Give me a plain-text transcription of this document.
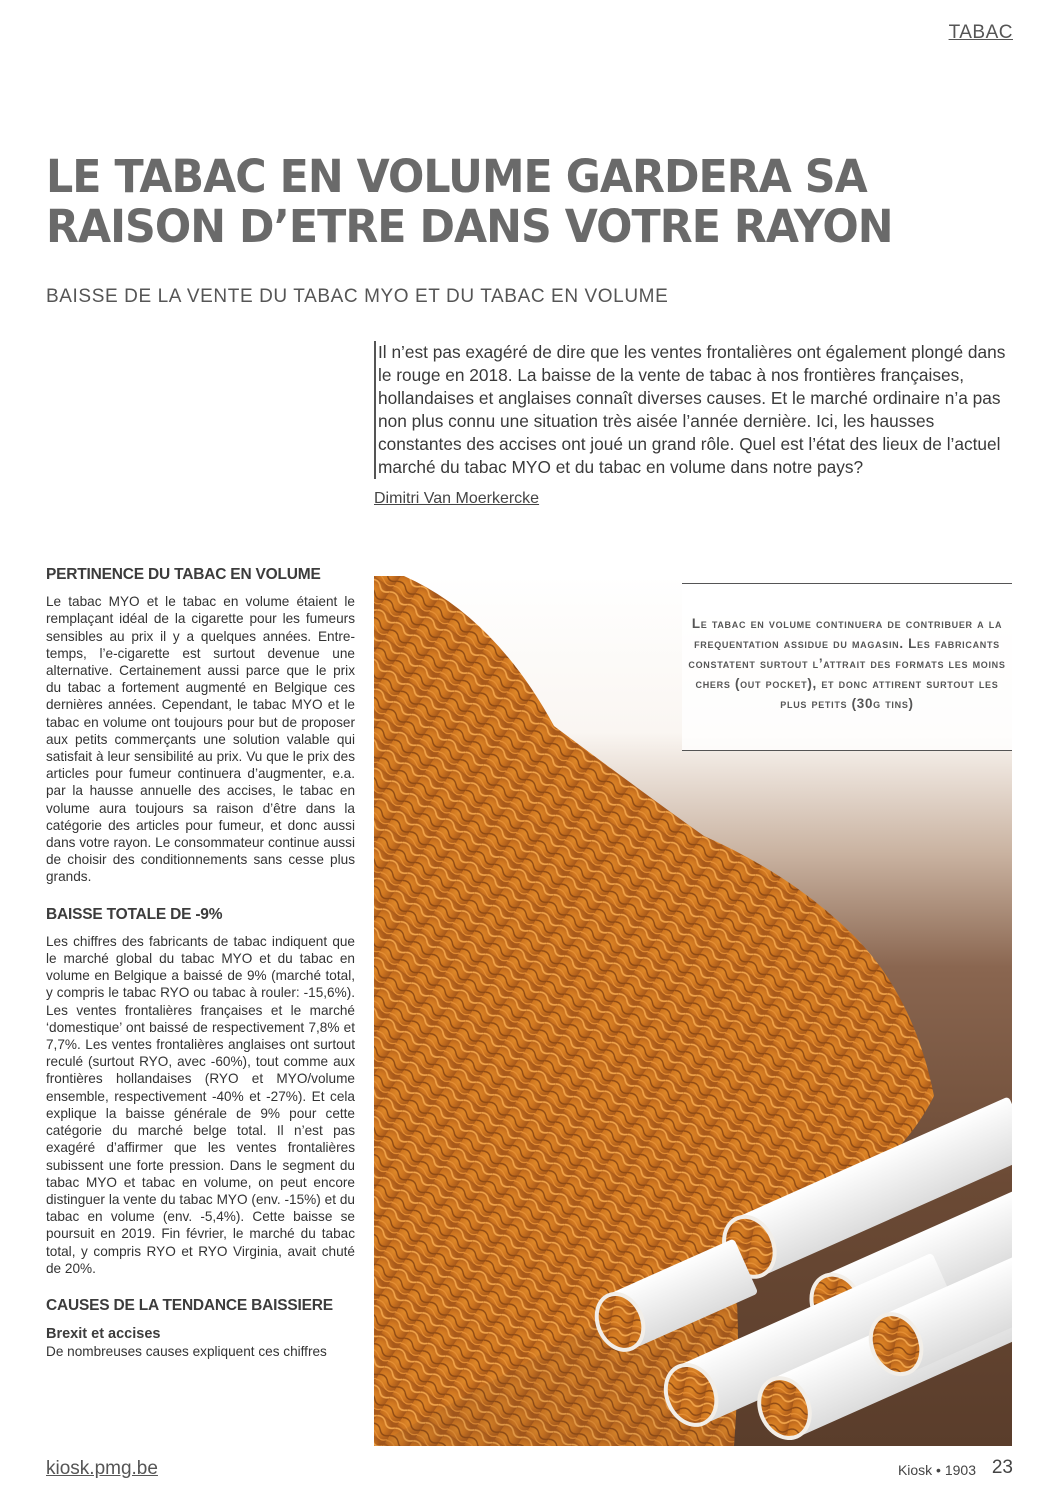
TABAC
LE TABAC EN VOLUME GARDERA SA RAISON D’ETRE DANS VOTRE RAYON
BAISSE DE LA VENTE DU TABAC MYO ET DU TABAC EN VOLUME

Il n’est pas exagéré de dire que les ventes frontalières ont également plongé dans le rouge en 2018. La baisse de la vente de tabac à nos frontières françaises, hollandaises et anglaises connaît diverses causes. Et le marché ordinaire n’a pas non plus connu une situation très aisée l’année dernière. Ici, les hausses constantes des accises ont joué un grand rôle. Quel est l’état des lieux de l’actuel marché du tabac MYO et du tabac en volume dans notre pays?

Dimitri Van Moerkercke
PERTINENCE DU TABAC EN VOLUME

Le tabac MYO et le tabac en volume étaient le remplaçant idéal de la cigarette pour les fumeurs sensibles au prix il y a quelques années. Entre-temps, l’e-cigarette est surtout devenue une alternative. Certainement aussi parce que le prix du tabac a fortement augmenté en Belgique ces dernières années. Cependant, le tabac MYO et le tabac en volume ont toujours pour but de proposer aux petits commerçants une solution valable qui satisfait à leur sensibilité au prix. Vu que le prix des articles pour fumeur continuera d’augmenter, e.a. par la hausse annuelle des accises, le tabac en volume aura toujours sa raison d’être dans la catégorie des articles pour fumeur, et donc aussi dans votre rayon. Le consommateur continue aussi de choisir des conditionnements sans cesse plus grands.

BAISSE TOTALE DE -9%

Les chiffres des fabricants de tabac indiquent que le marché global du tabac MYO et du tabac en volume en Belgique a baissé de 9% (marché total, y compris le tabac RYO ou tabac à rouler: -15,6%). Les ventes frontalières françaises et le marché ‘domestique’ ont baissé de respectivement 7,8% et 7,7%. Les ventes frontalières anglaises ont surtout reculé (surtout RYO, avec -60%), tout comme aux frontières hollandaises (RYO et MYO/volume ensemble, respectivement -40% et -27%). Et cela explique la baisse générale de 9% pour cette catégorie du marché belge total. Il n’est pas exagéré d’affirmer que les ventes frontalières subissent une forte pression. Dans le segment du tabac MYO et tabac en volume, on peut encore distinguer la vente du tabac MYO (env. -15%) et du tabac en volume (env. -5,4%). Cette baisse se poursuit en 2019. Fin février, le marché du tabac total, y compris RYO et RYO Virginia, avait chuté de 20%.

CAUSES DE LA TENDANCE BAISSIERE
Brexit et accises

De nombreuses causes expliquent ces chiffres

Le tabac en volume continuera de contribuer a la frequentation assidue du magasin. Les fabricants constatent surtout l’attrait des formats les moins chers (out pocket), et donc attirent surtout les plus petits (30g tins)
kiosk.pmg.be	Kiosk • 1903 23
